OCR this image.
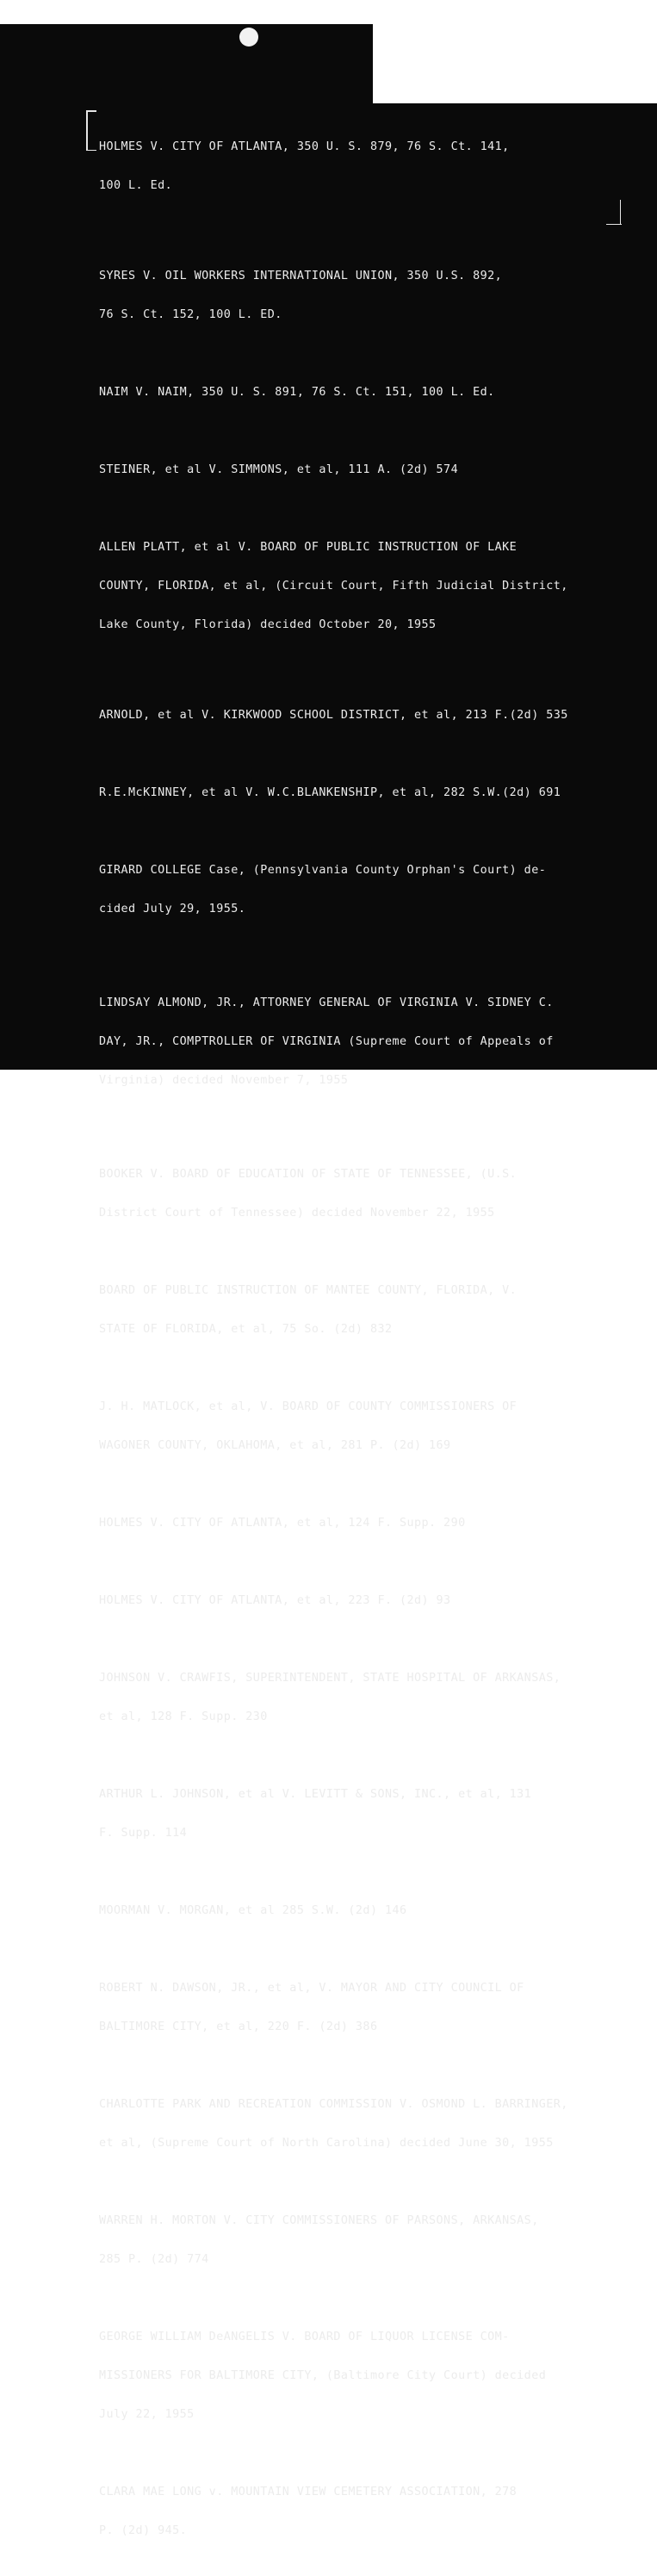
HOLMES V. CITY OF ATLANTA, 350 U. S. 879, 76 S. Ct. 141,

100 L. Ed.

SYRES V. OIL WORKERS INTERNATIONAL UNION, 350 U.S. 892,

76 S. Ct. 152, 100 L. ED.

NAIM V. NAIM, 350 U. S. 891, 76 S. Ct. 151, 100 L. Ed.

STEINER, et al V. SIMMONS, et al, 111 A. (2d) 574

ALLEN PLATT, et al V. BOARD OF PUBLIC INSTRUCTION OF LAKE

COUNTY, FLORIDA, et al, (Circuit Court, Fifth Judicial District,

Lake County, Florida) decided October 20, 1955

ARNOLD, et al V. KIRKWOOD SCHOOL DISTRICT, et al, 213 F.(2d) 535

R.E.McKINNEY, et al V. W.C.BLANKENSHIP, et al, 282 S.W.(2d) 691

GIRARD COLLEGE Case, (Pennsylvania County Orphan's Court) de-

cided July 29, 1955.

LINDSAY ALMOND, JR., ATTORNEY GENERAL OF VIRGINIA V. SIDNEY C.

DAY, JR., COMPTROLLER OF VIRGINIA (Supreme Court of Appeals of

Virginia) decided November 7, 1955

BOOKER V. BOARD OF EDUCATION OF STATE OF TENNESSEE, (U.S.

District Court of Tennessee) decided November 22, 1955

BOARD OF PUBLIC INSTRUCTION OF MANTEE COUNTY, FLORIDA, V.

STATE OF FLORIDA, et al, 75 So. (2d) 832

J. H. MATLOCK, et al, V. BOARD OF COUNTY COMMISSIONERS OF

WAGONER COUNTY, OKLAHOMA, et al, 281 P. (2d) 169

HOLMES V. CITY OF ATLANTA, et al, 124 F. Supp. 290

HOLMES V. CITY OF ATLANTA, et al, 223 F. (2d) 93

JOHNSON V. CRAWFIS, SUPERINTENDENT, STATE HOSPITAL OF ARKANSAS,

et al, 128 F. Supp. 230

ARTHUR L. JOHNSON, et al V. LEVITT & SONS, INC., et al, 131

F. Supp. 114

MOORMAN V. MORGAN, et al 285 S.W. (2d) 146

ROBERT N. DAWSON, JR., et al, V. MAYOR AND CITY COUNCIL OF

BALTIMORE CITY, et al, 220 F. (2d) 386

CHARLOTTE PARK AND RECREATION COMMISSION V. OSMOND L. BARRINGER,

et al, (Supreme Court of North Carolina) decided June 30, 1955

WARREN H. MORTON V. CITY COMMISSIONERS OF PARSONS, ARKANSAS,

285 P. (2d) 774

GEORGE WILLIAM DeANGELIS V. BOARD OF LIQUOR LICENSE COM-

MISSIONERS FOR BALTIMORE CITY, (Baltimore City Court) decided

July 22, 1955

CLARA MAE LONG v. MOUNTAIN VIEW CEMETERY ASSOCIATION, 278

P. (2d) 945.
